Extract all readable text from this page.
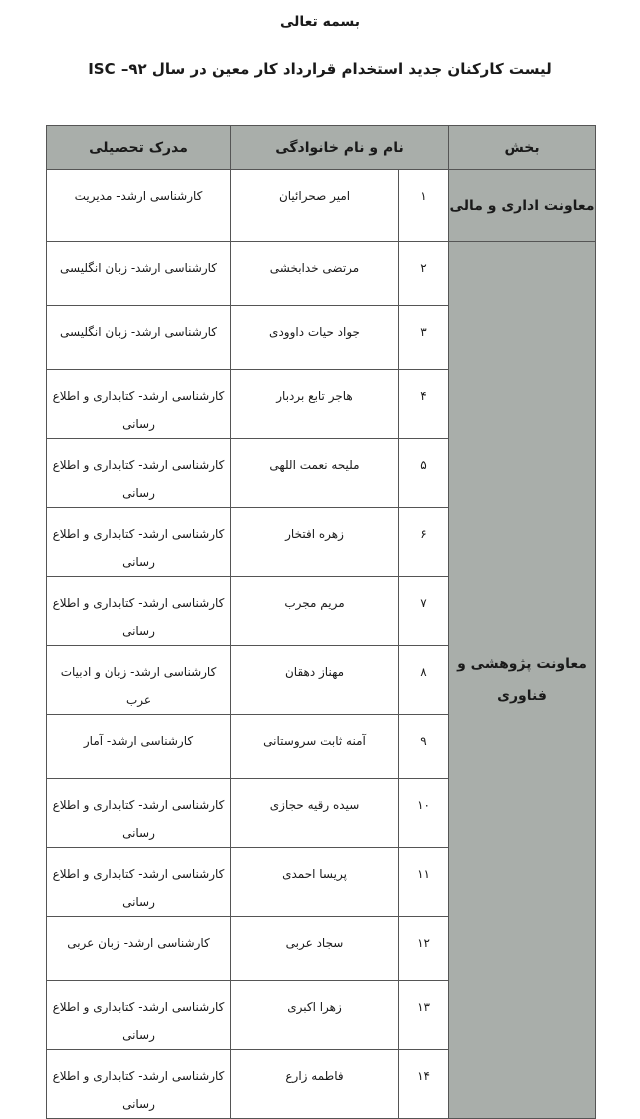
بسمه تعالی
لیست کارکنان جدید استخدام قرارداد کار معین در سال ۹۲– ISC
بخش	نام و نام خانوادگی		مدرک تحصیلی
معاونت اداری و مالی	۱	امیر صحرائیان	کارشناسی ارشد- مدیریت
معاونت پژوهشی و فناوری	۲	مرتضی خدابخشی	کارشناسی ارشد- زبان انگلیسی
	۳	جواد حیات داوودی	کارشناسی ارشد- زبان انگلیسی
	۴	هاجر تابع بردبار	کارشناسی ارشد- کتابداری و اطلاع رسانی
	۵	ملیحه نعمت اللهی	کارشناسی ارشد- کتابداری و اطلاع رسانی
	۶	زهره افتخار	کارشناسی ارشد- کتابداری و اطلاع رسانی
	۷	مریم مجرب	کارشناسی ارشد- کتابداری و اطلاع رسانی
	۸	مهناز دهقان	کارشناسی ارشد- زبان و ادبیات عرب
	۹	آمنه ثابت سروستانی	کارشناسی ارشد- آمار
	۱۰	سیده رقیه حجازی	کارشناسی ارشد- کتابداری و اطلاع رسانی
	۱۱	پریسا احمدی	کارشناسی ارشد- کتابداری و اطلاع رسانی
	۱۲	سجاد عربی	کارشناسی ارشد- زبان عربی
	۱۳	زهرا اکبری	کارشناسی ارشد- کتابداری و اطلاع رسانی
	۱۴	فاطمه زارع	کارشناسی ارشد- کتابداری و اطلاع رسانی
